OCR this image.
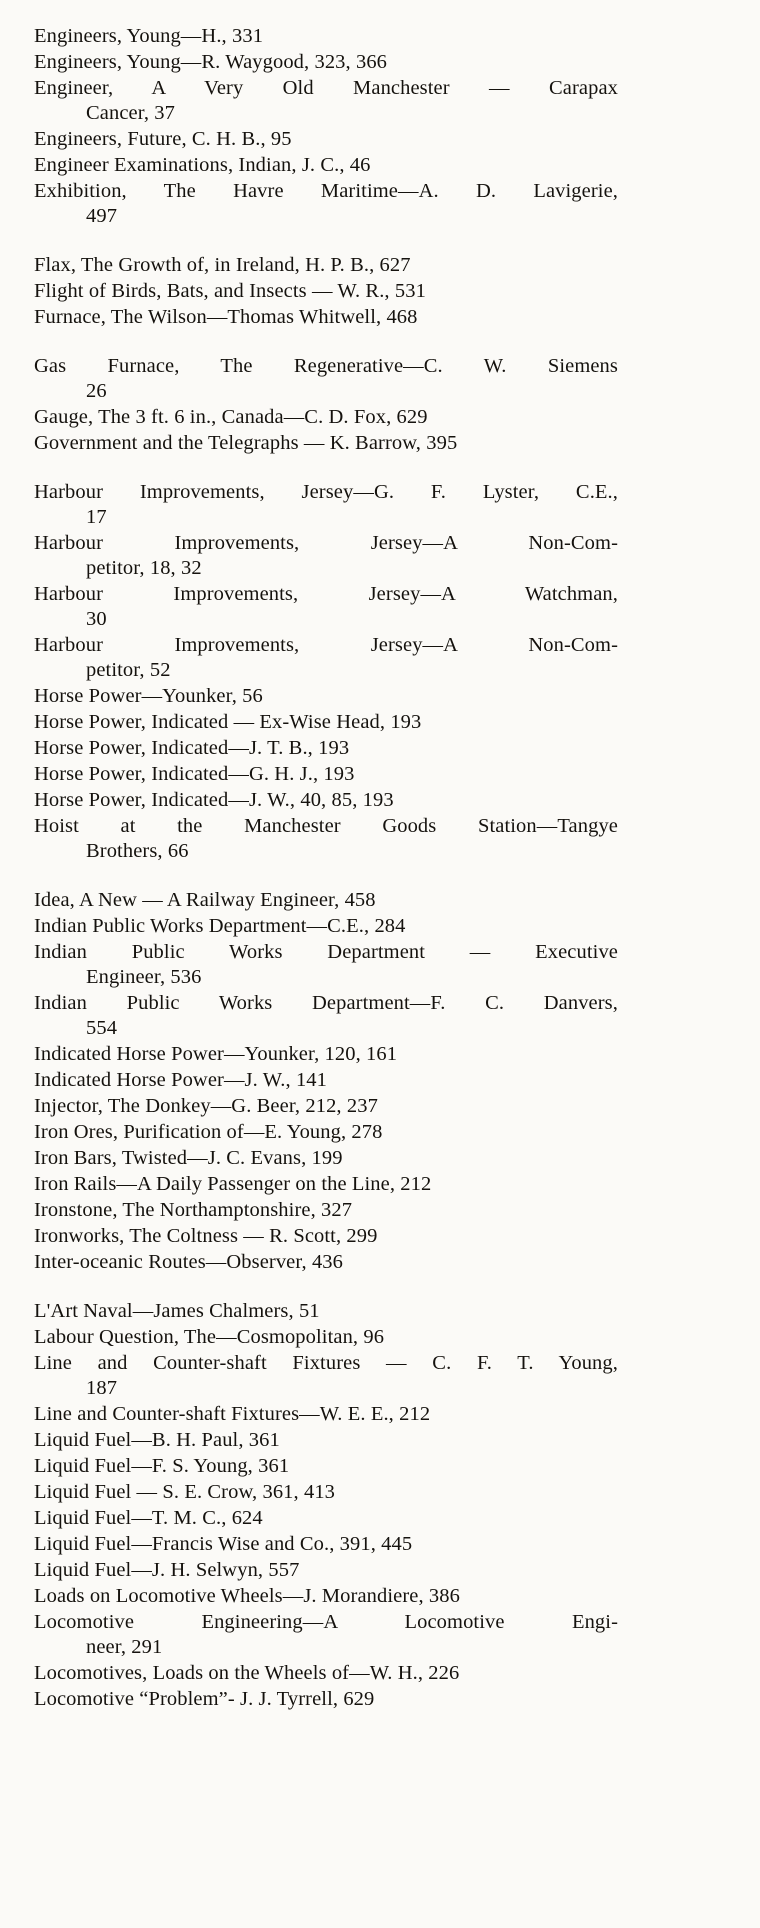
Engineers, Young—H., 331
Engineers, Young—R. Waygood, 323, 366
Engineer, A Very Old Manchester — Carapax
Cancer, 37
Engineers, Future, C. H. B., 95
Engineer Examinations, Indian, J. C., 46
Exhibition, The Havre Maritime—A. D. Lavigerie,
497
Flax, The Growth of, in Ireland, H. P. B., 627
Flight of Birds, Bats, and Insects — W. R., 531
Furnace, The Wilson—Thomas Whitwell, 468
Gas Furnace, The Regenerative—C. W. Siemens
26
Gauge, The 3 ft. 6 in., Canada—C. D. Fox, 629
Government and the Telegraphs — K. Barrow, 395
Harbour Improvements, Jersey—G. F. Lyster, C.E.,
17
Harbour Improvements, Jersey—A Non-Com-
petitor, 18, 32
Harbour Improvements, Jersey—A Watchman,
30
Harbour Improvements, Jersey—A Non-Com-
petitor, 52
Horse Power—Younker, 56
Horse Power, Indicated — Ex-Wise Head, 193
Horse Power, Indicated—J. T. B., 193
Horse Power, Indicated—G. H. J., 193
Horse Power, Indicated—J. W., 40, 85, 193
Hoist at the Manchester Goods Station—Tangye
Brothers, 66
Idea, A New — A Railway Engineer, 458
Indian Public Works Department—C.E., 284
Indian Public Works Department — Executive
Engineer, 536
Indian Public Works Department—F. C. Danvers,
554
Indicated Horse Power—Younker, 120, 161
Indicated Horse Power—J. W., 141
Injector, The Donkey—G. Beer, 212, 237
Iron Ores, Purification of—E. Young, 278
Iron Bars, Twisted—J. C. Evans, 199
Iron Rails—A Daily Passenger on the Line, 212
Ironstone, The Northamptonshire, 327
Ironworks, The Coltness — R. Scott, 299
Inter-oceanic Routes—Observer, 436
L'Art Naval—James Chalmers, 51
Labour Question, The—Cosmopolitan, 96
Line and Counter-shaft Fixtures — C. F. T. Young,
187
Line and Counter-shaft Fixtures—W. E. E., 212
Liquid Fuel—B. H. Paul, 361
Liquid Fuel—F. S. Young, 361
Liquid Fuel — S. E. Crow, 361, 413
Liquid Fuel—T. M. C., 624
Liquid Fuel—Francis Wise and Co., 391, 445
Liquid Fuel—J. H. Selwyn, 557
Loads on Locomotive Wheels—J. Morandiere, 386
Locomotive Engineering—A Locomotive Engi-
neer, 291
Locomotives, Loads on the Wheels of—W. H., 226
Locomotive “Problem”- J. J. Tyrrell, 629
